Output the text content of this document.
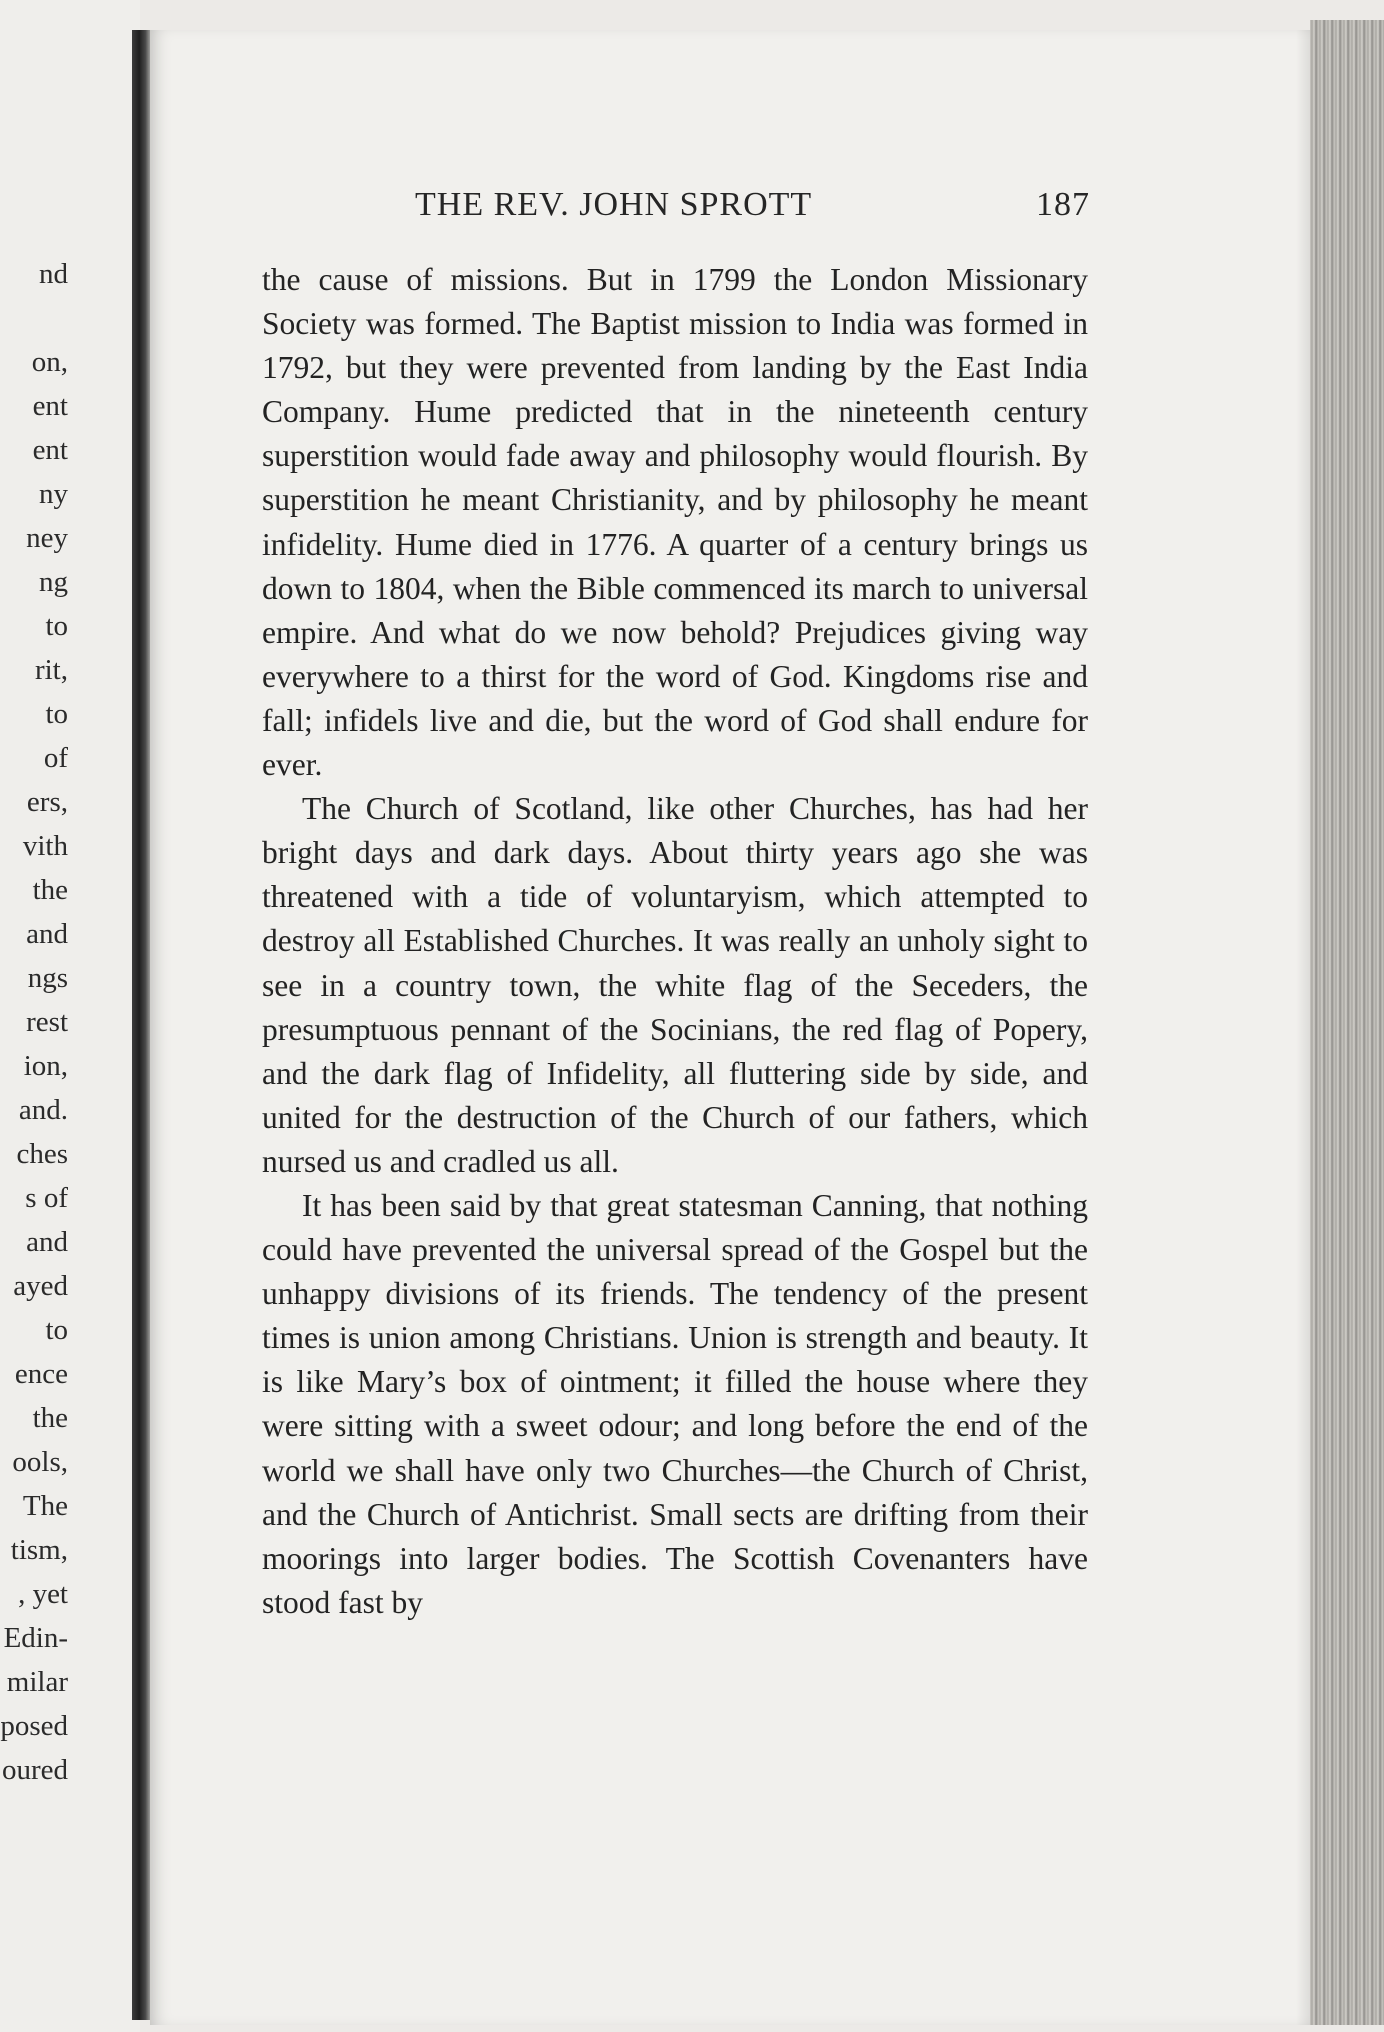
nd
on,
ent
ent
ny
ney
ng
to
rit,
to
of
ers,
vith
the
and
ngs
rest
ion,
and.
ches
s of
and
ayed
to
ence
the
ools,
The
tism,
, yet
Edin-
milar
posed
oured
THE REV. JOHN SPROTT	187

the cause of missions. But in 1799 the London Missionary Society was formed. The Baptist mission to India was formed in 1792, but they were prevented from landing by the East India Company. Hume predicted that in the nineteenth century superstition would fade away and philosophy would flourish. By superstition he meant Christianity, and by philosophy he meant infidelity. Hume died in 1776. A quarter of a century brings us down to 1804, when the Bible commenced its march to universal empire. And what do we now behold? Prejudices giving way everywhere to a thirst for the word of God. Kingdoms rise and fall; infidels live and die, but the word of God shall endure for ever.

The Church of Scotland, like other Churches, has had her bright days and dark days. About thirty years ago she was threatened with a tide of voluntaryism, which attempted to destroy all Established Churches. It was really an unholy sight to see in a country town, the white flag of the Seceders, the presumptuous pennant of the Socinians, the red flag of Popery, and the dark flag of Infidelity, all fluttering side by side, and united for the destruction of the Church of our fathers, which nursed us and cradled us all.

It has been said by that great statesman Canning, that nothing could have prevented the universal spread of the Gospel but the unhappy divisions of its friends. The tendency of the present times is union among Christians. Union is strength and beauty. It is like Mary’s box of ointment; it filled the house where they were sitting with a sweet odour; and long before the end of the world we shall have only two Churches—the Church of Christ, and the Church of Antichrist. Small sects are drifting from their moorings into larger bodies. The Scottish Covenanters have stood fast by
